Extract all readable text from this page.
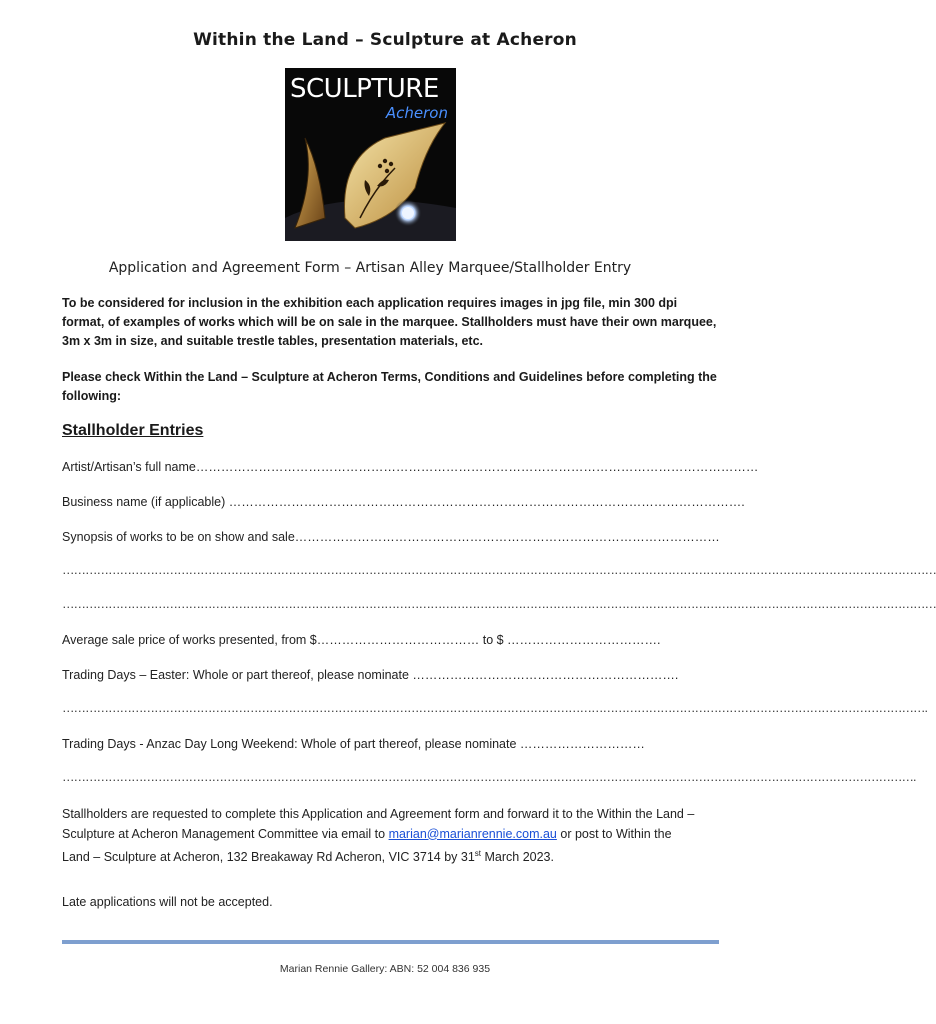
Within the Land – Sculpture at Acheron
SCULPTURE
Acheron
Application and Agreement Form – Artisan Alley Marquee/Stallholder Entry
To be considered for inclusion in the exhibition each application requires images in jpg file, min 300 dpi format, of examples of works which will be on sale in the marquee. Stallholders must have their own marquee, 3m x 3m in size, and suitable trestle tables, presentation materials, etc.
Please check Within the Land – Sculpture at Acheron Terms, Conditions and Guidelines before completing the following:
Stallholder Entries
Artist/Artisan’s full name………………………………………………………………………………………………………………………
Business name (if applicable) …………………………………………………………………………………………………………….
Synopsis of works to be on show and sale…………………………………………………………………………………………
…………………………………………………………………………………………………………………………………………………………………………………………………………
…………………………………………………………………………………………………………………………………………………………………………………………………………
Average sale price of works presented, from $………………………………… to $ ……………………………….
Trading Days – Easter: Whole or part thereof, please nominate ……………………………………………………….
……………………………………………………………………………………………………………………………………………………………………………………………………….
Trading Days - Anzac Day Long Weekend: Whole of part thereof, please nominate …………………………
…………………………………………………………………………………………………………………………………………………………………………………………………….
Stallholders are requested to complete this Application and Agreement form and forward it to the Within the Land – Sculpture at Acheron Management Committee via email to marian@marianrennie.com.au or post to Within the Land – Sculpture at Acheron, 132 Breakaway Rd Acheron, VIC 3714 by 31st March 2023.
Late applications will not be accepted.
Marian Rennie Gallery: ABN: 52 004 836 935
